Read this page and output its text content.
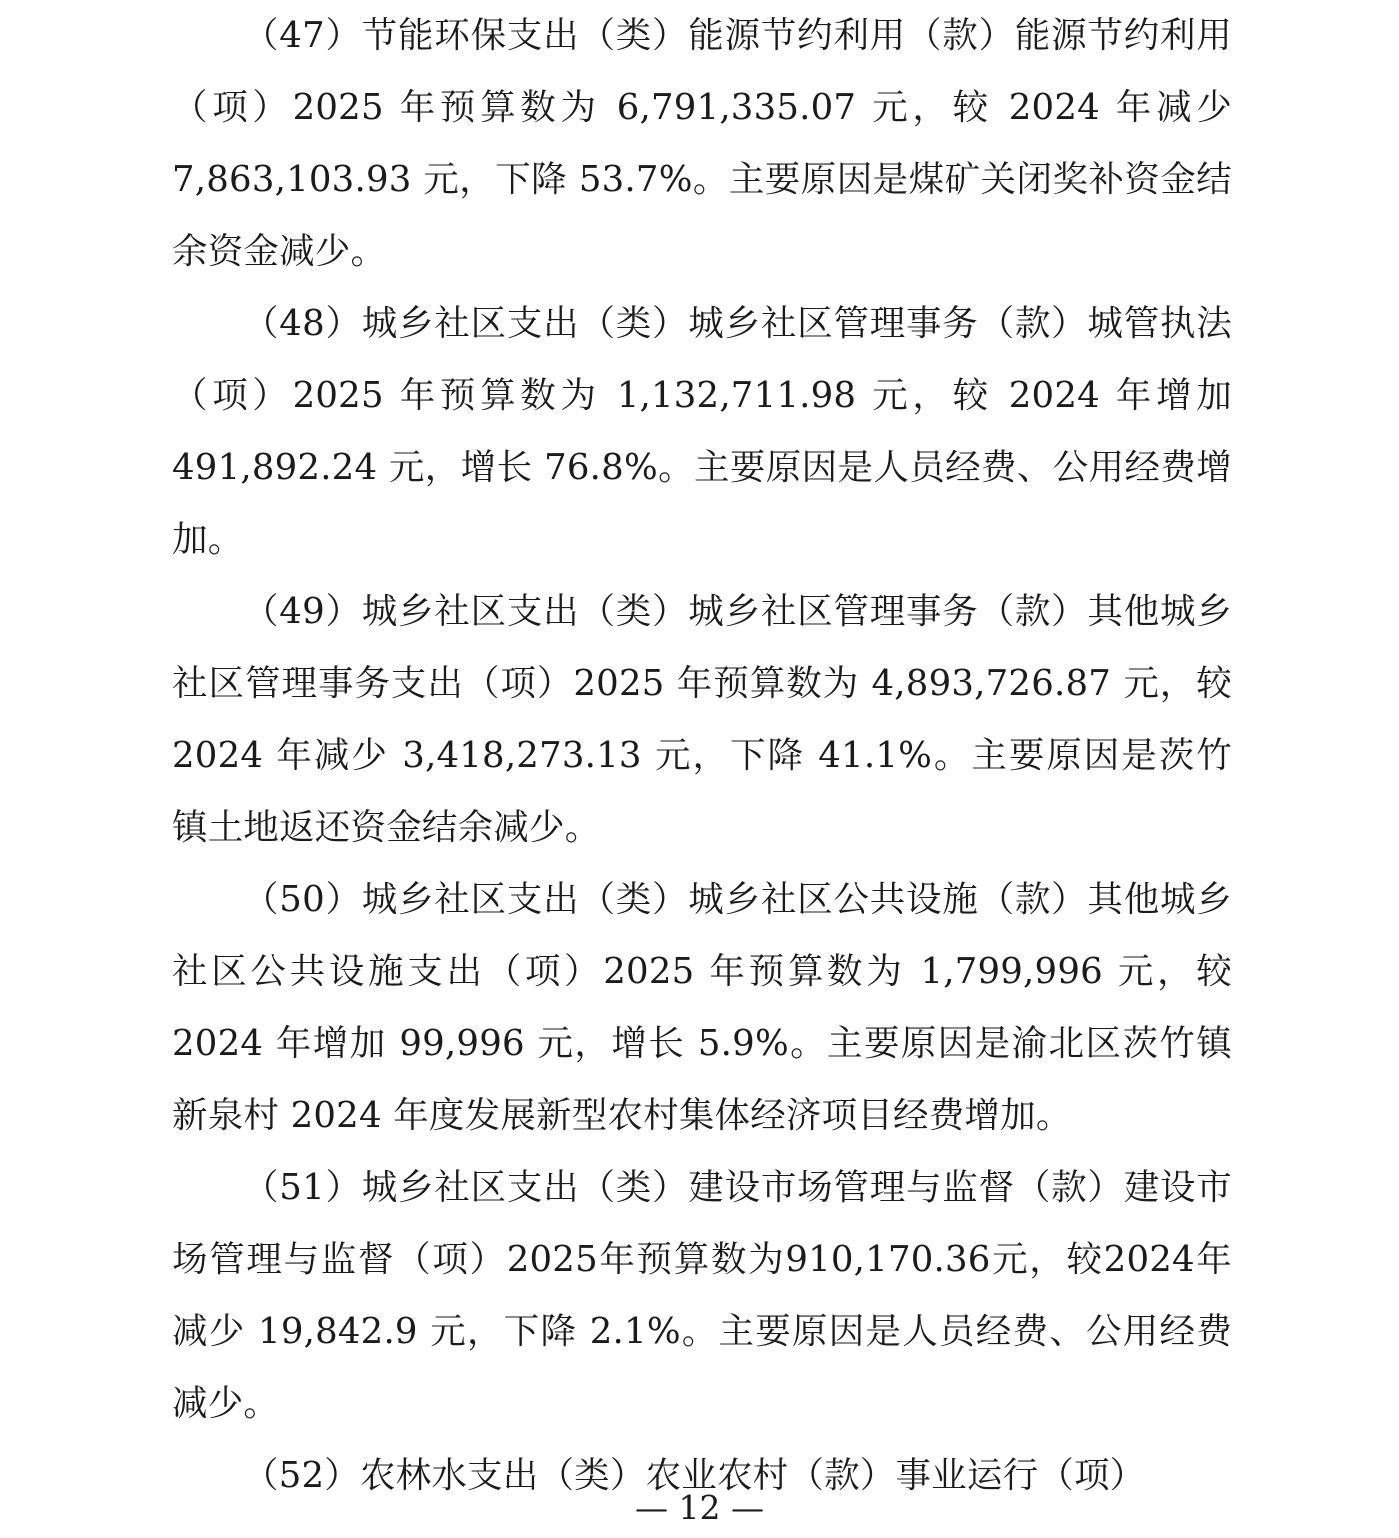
（47）节能环保支出（类）能源节约利用（款）能源节约利用（项）2025 年预算数为 6,791,335.07 元，较 2024 年减少 7,863,103.93 元，下降 53.7%。主要原因是煤矿关闭奖补资金结余资金减少。

（48）城乡社区支出（类）城乡社区管理事务（款）城管执法（项）2025 年预算数为 1,132,711.98 元，较 2024 年增加 491,892.24 元，增长 76.8%。主要原因是人员经费、公用经费增加。

（49）城乡社区支出（类）城乡社区管理事务（款）其他城乡社区管理事务支出（项）2025 年预算数为 4,893,726.87 元，较 2024 年减少 3,418,273.13 元，下降 41.1%。主要原因是茨竹镇土地返还资金结余减少。

（50）城乡社区支出（类）城乡社区公共设施（款）其他城乡社区公共设施支出（项）2025 年预算数为 1,799,996 元，较 2024 年增加 99,996 元，增长 5.9%。主要原因是渝北区茨竹镇新泉村 2024 年度发展新型农村集体经济项目经费增加。

（51）城乡社区支出（类）建设市场管理与监督（款）建设市场管理与监督（项）2025年预算数为910,170.36元，较2024年减少 19,842.9 元，下降 2.1%。主要原因是人员经费、公用经费减少。

（52）农林水支出（类）农业农村（款）事业运行（项）

— 12 —
